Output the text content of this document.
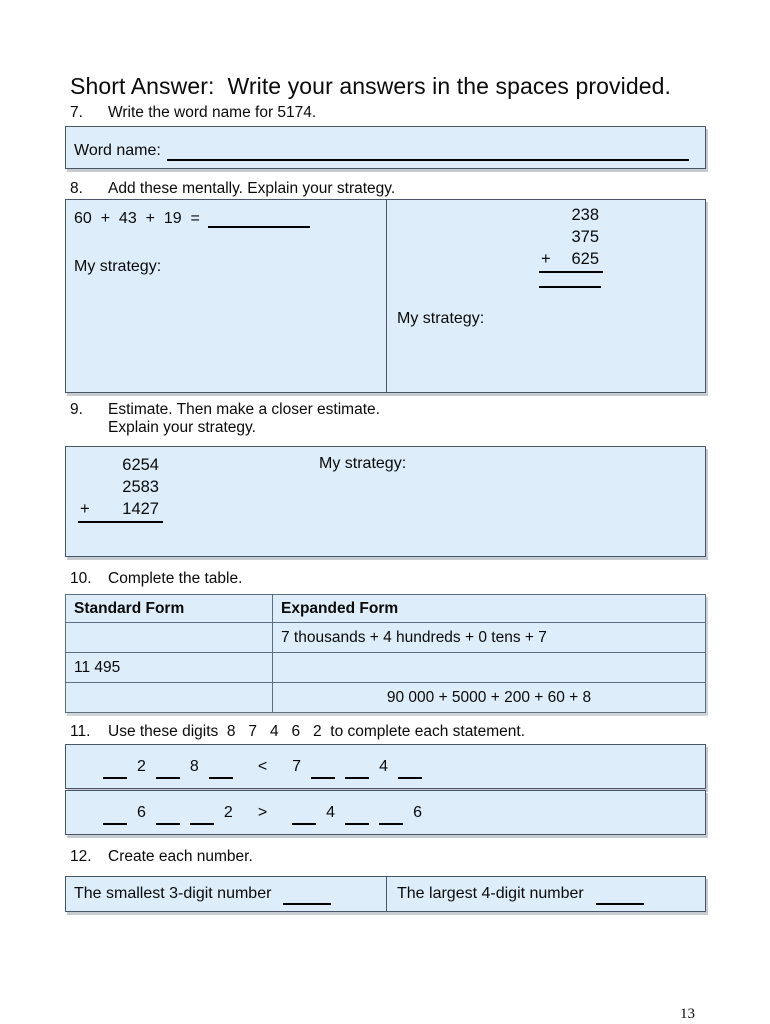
Short Answer:  Write your answers in the spaces provided.
7.	Write the word name for 5174.
Word name:
8.	Add these mentally. Explain your strategy.
60  +  43  +  19  =
My strategy:
238
375
+ 625
My strategy:
9.	Estimate. Then make a closer estimate.
Explain your strategy.
6254
2583
+ 1427
My strategy:
10.	Complete the table.
Standard Form	Expanded Form
	7 thousands + 4 hundreds + 0 tens + 7
11 495	
	90 000 + 5000 + 200 + 60 + 8
11.	Use these digits  8   7   4   6   2  to complete each statement.
2	8	< 7	4
6	2 >	4	6
12.	Create each number.
The smallest 3-digit number	The largest 4-digit number
13
